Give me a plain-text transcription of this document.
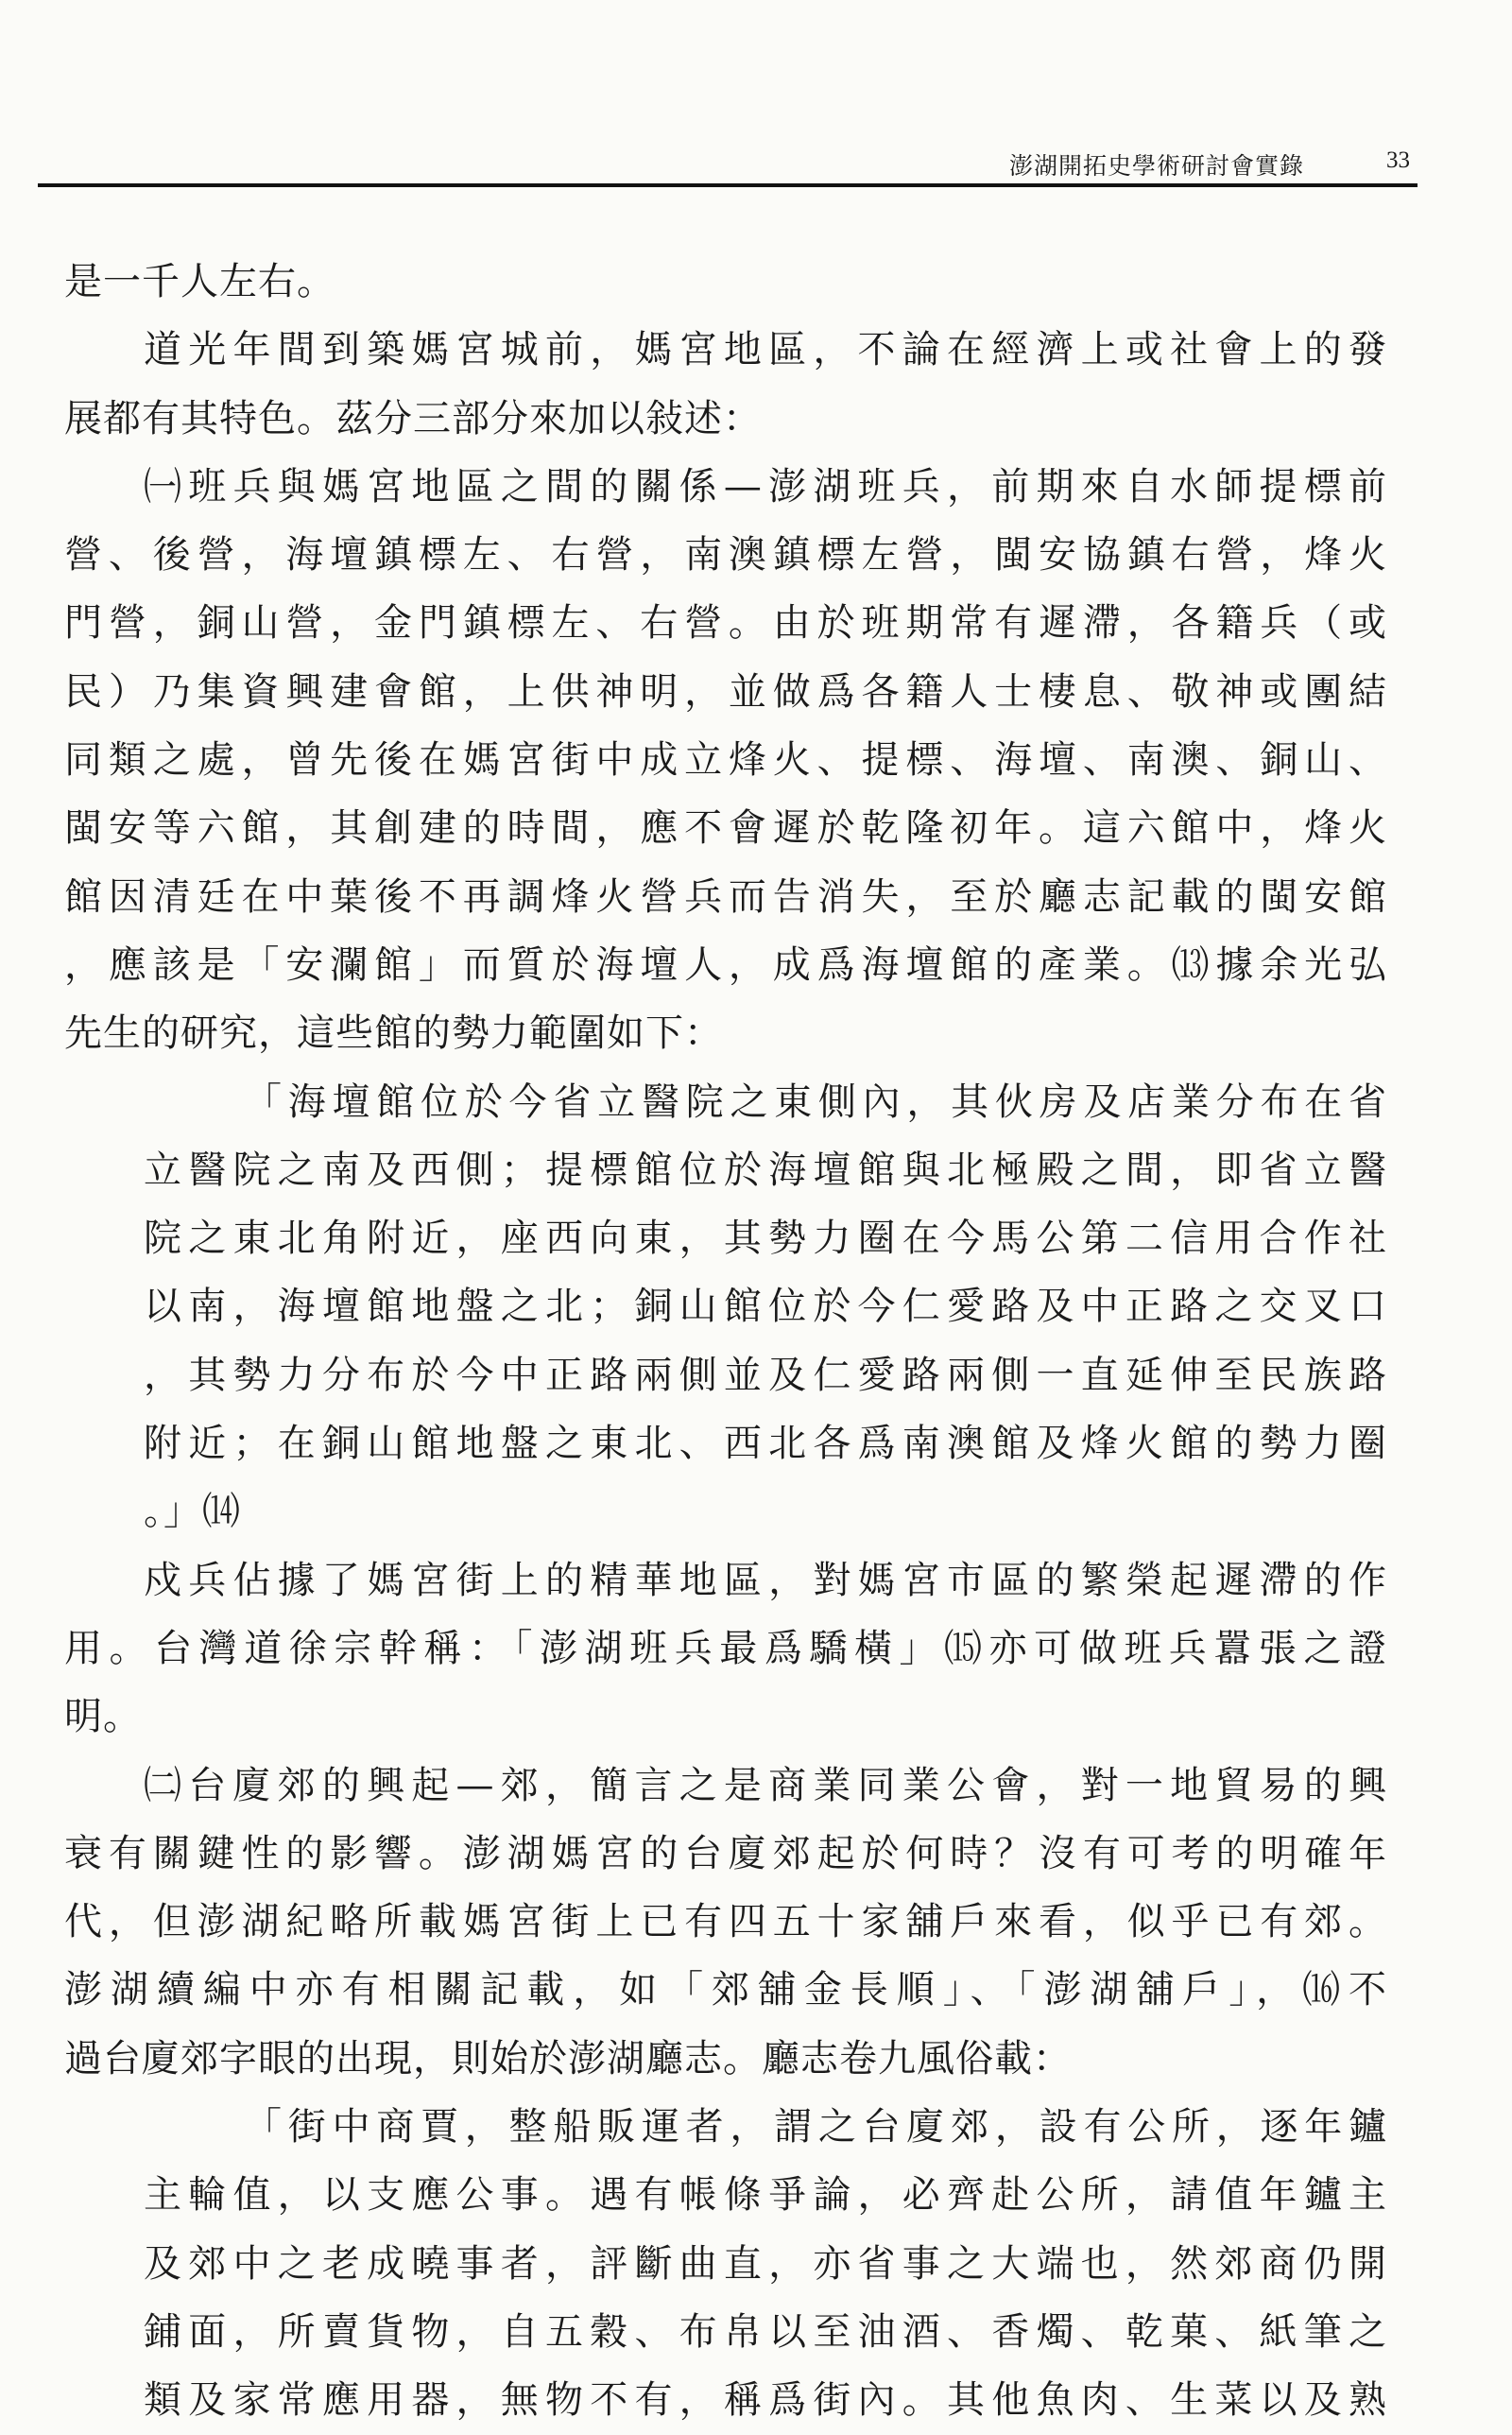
澎湖開拓史學術研討會實錄	33
是一千人左右。
道光年間到築媽宮城前，媽宮地區，不論在經濟上或社會上的發
展都有其特色。茲分三部分來加以敍述：
㈠班兵與媽宮地區之間的關係—澎湖班兵，前期來自水師提標前
營、後營，海壇鎮標左、右營，南澳鎮標左營，閩安協鎮右營，烽火
門營，銅山營，金門鎮標左、右營。由於班期常有遲滯，各籍兵（或
民）乃集資興建會館，上供神明，並做爲各籍人士棲息、敬神或團結
同類之處，曾先後在媽宮街中成立烽火、提標、海壇、南澳、銅山、
閩安等六館，其創建的時間，應不會遲於乾隆初年。這六館中，烽火
館因清廷在中葉後不再調烽火營兵而告消失，至於廳志記載的閩安館
，應該是「安瀾館」而質於海壇人，成爲海壇館的產業。⒀據余光弘
先生的研究，這些館的勢力範圍如下：
「海壇館位於今省立醫院之東側內，其伙房及店業分布在省
立醫院之南及西側；提標館位於海壇館與北極殿之間，即省立醫
院之東北角附近，座西向東，其勢力圈在今馬公第二信用合作社
以南，海壇館地盤之北；銅山館位於今仁愛路及中正路之交叉口
，其勢力分布於今中正路兩側並及仁愛路兩側一直延伸至民族路
附近；在銅山館地盤之東北、西北各爲南澳館及烽火館的勢力圈
。」⒁
戍兵佔據了媽宮街上的精華地區，對媽宮市區的繁榮起遲滯的作
用。台灣道徐宗幹稱：「澎湖班兵最爲驕橫」⒂亦可做班兵囂張之證
明。
㈡台廈郊的興起—郊，簡言之是商業同業公會，對一地貿易的興
衰有關鍵性的影響。澎湖媽宮的台廈郊起於何時？沒有可考的明確年
代，但澎湖紀略所載媽宮街上已有四五十家舖戶來看，似乎已有郊。
澎湖續編中亦有相關記載，如「郊舖金長順」、「澎湖舖戶」，⒃不
過台廈郊字眼的出現，則始於澎湖廳志。廳志卷九風俗載：
「街中商賈，整船販運者，謂之台廈郊，設有公所，逐年鑪
主輪值，以支應公事。遇有帳條爭論，必齊赴公所，請值年鑪主
及郊中之老成曉事者，評斷曲直，亦省事之大端也，然郊商仍開
鋪面，所賣貨物，自五穀、布帛以至油酒、香燭、乾菓、紙筆之
類及家常應用器，無物不有，稱爲街內。其他魚肉、生菜以及熟
